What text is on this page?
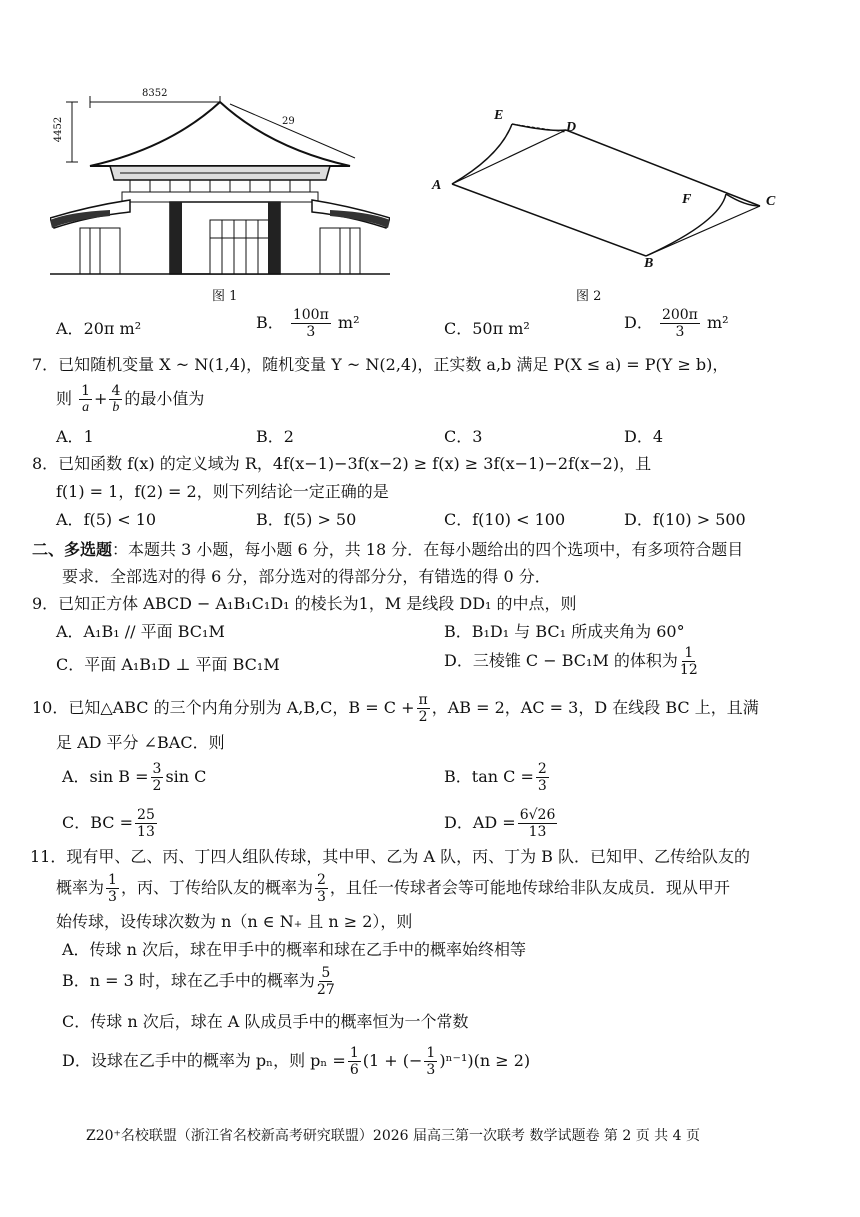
8352
4452	29
图 1
E
D
A
F	C
B
图 2
A．20π m²	B． $\frac{100\pi}{3} m^2$	C．50π m²	D． $\frac{200\pi}{3} m^2$
7．已知随机变量 X ~ N(1,4)，随机变量 Y ~ N(2,4)，正实数 a,b 满足 P(X ≤ a) = P(Y ≥ b)，
则 $\frac{1}{a} + \frac{4}{b}$ 的最小值为
A．1	B．2	C．3	D．4
8．已知函数 f(x) 的定义域为 R，4f(x−1)−3f(x−2) ≥ f(x) ≥ 3f(x−1)−2f(x−2)，且
f(1) = 1，f(2) = 2，则下列结论一定正确的是
A．f(5) < 10	B．f(5) > 50	C．f(10) < 100	D．f(10) > 500
二、多选题：本题共 3 小题，每小题 6 分，共 18 分．在每小题给出的四个选项中，有多项符合题目
要求．全部选对的得 6 分，部分选对的得部分分，有错选的得 0 分．
9．已知正方体 ABCD − A₁B₁C₁D₁ 的棱长为1，M 是线段 DD₁ 的中点，则
A．A₁B₁ // 平面 BC₁M	B．B₁D₁ 与 BC₁ 所成夹角为 60°
C．平面 A₁B₁D ⊥ 平面 BC₁M	D．三棱锥 C − BC₁M 的体积为 $\frac{1}{12}$
10．已知△ABC 的三个内角分别为 A,B,C，$B = C + \frac{\pi}{2}$ ，AB = 2，AC = 3，D 在线段 BC 上，且满
足 AD 平分 ∠BAC．则
A．$\sin B = \frac{3}{2}$ sin C	B．$\tan C = \frac{2}{3}$
C．BC = $\frac{25}{13}$	D．AD = $\frac{6√26}{13}$
11．现有甲、乙、丙、丁四人组队传球，其中甲、乙为 A 队，丙、丁为 B 队．已知甲、乙传给队友的
概率为 $\frac{1}{3}$ ，丙、丁传给队友的概率为 $\frac{2}{3}$ ，且任一传球者会等可能地传球给非队友成员．现从甲开
始传球，设传球次数为 n（n ∈ N₊ 且 n ≥ 2），则
A．传球 n 次后，球在甲手中的概率和球在乙手中的概率始终相等
B．n = 3 时，球在乙手中的概率为 $\frac{5}{27}$
C．传球 n 次后，球在 A 队成员手中的概率恒为一个常数
D．设球在乙手中的概率为 pₙ，则 $p_n = \frac{1}{6} (1$ + (− $\frac{1}{3} )^{n-1})(n \ge 2)$
Z20⁺名校联盟（浙江省名校新高考研究联盟）2026 届高三第一次联考 数学试题卷 第 2 页 共 4 页
